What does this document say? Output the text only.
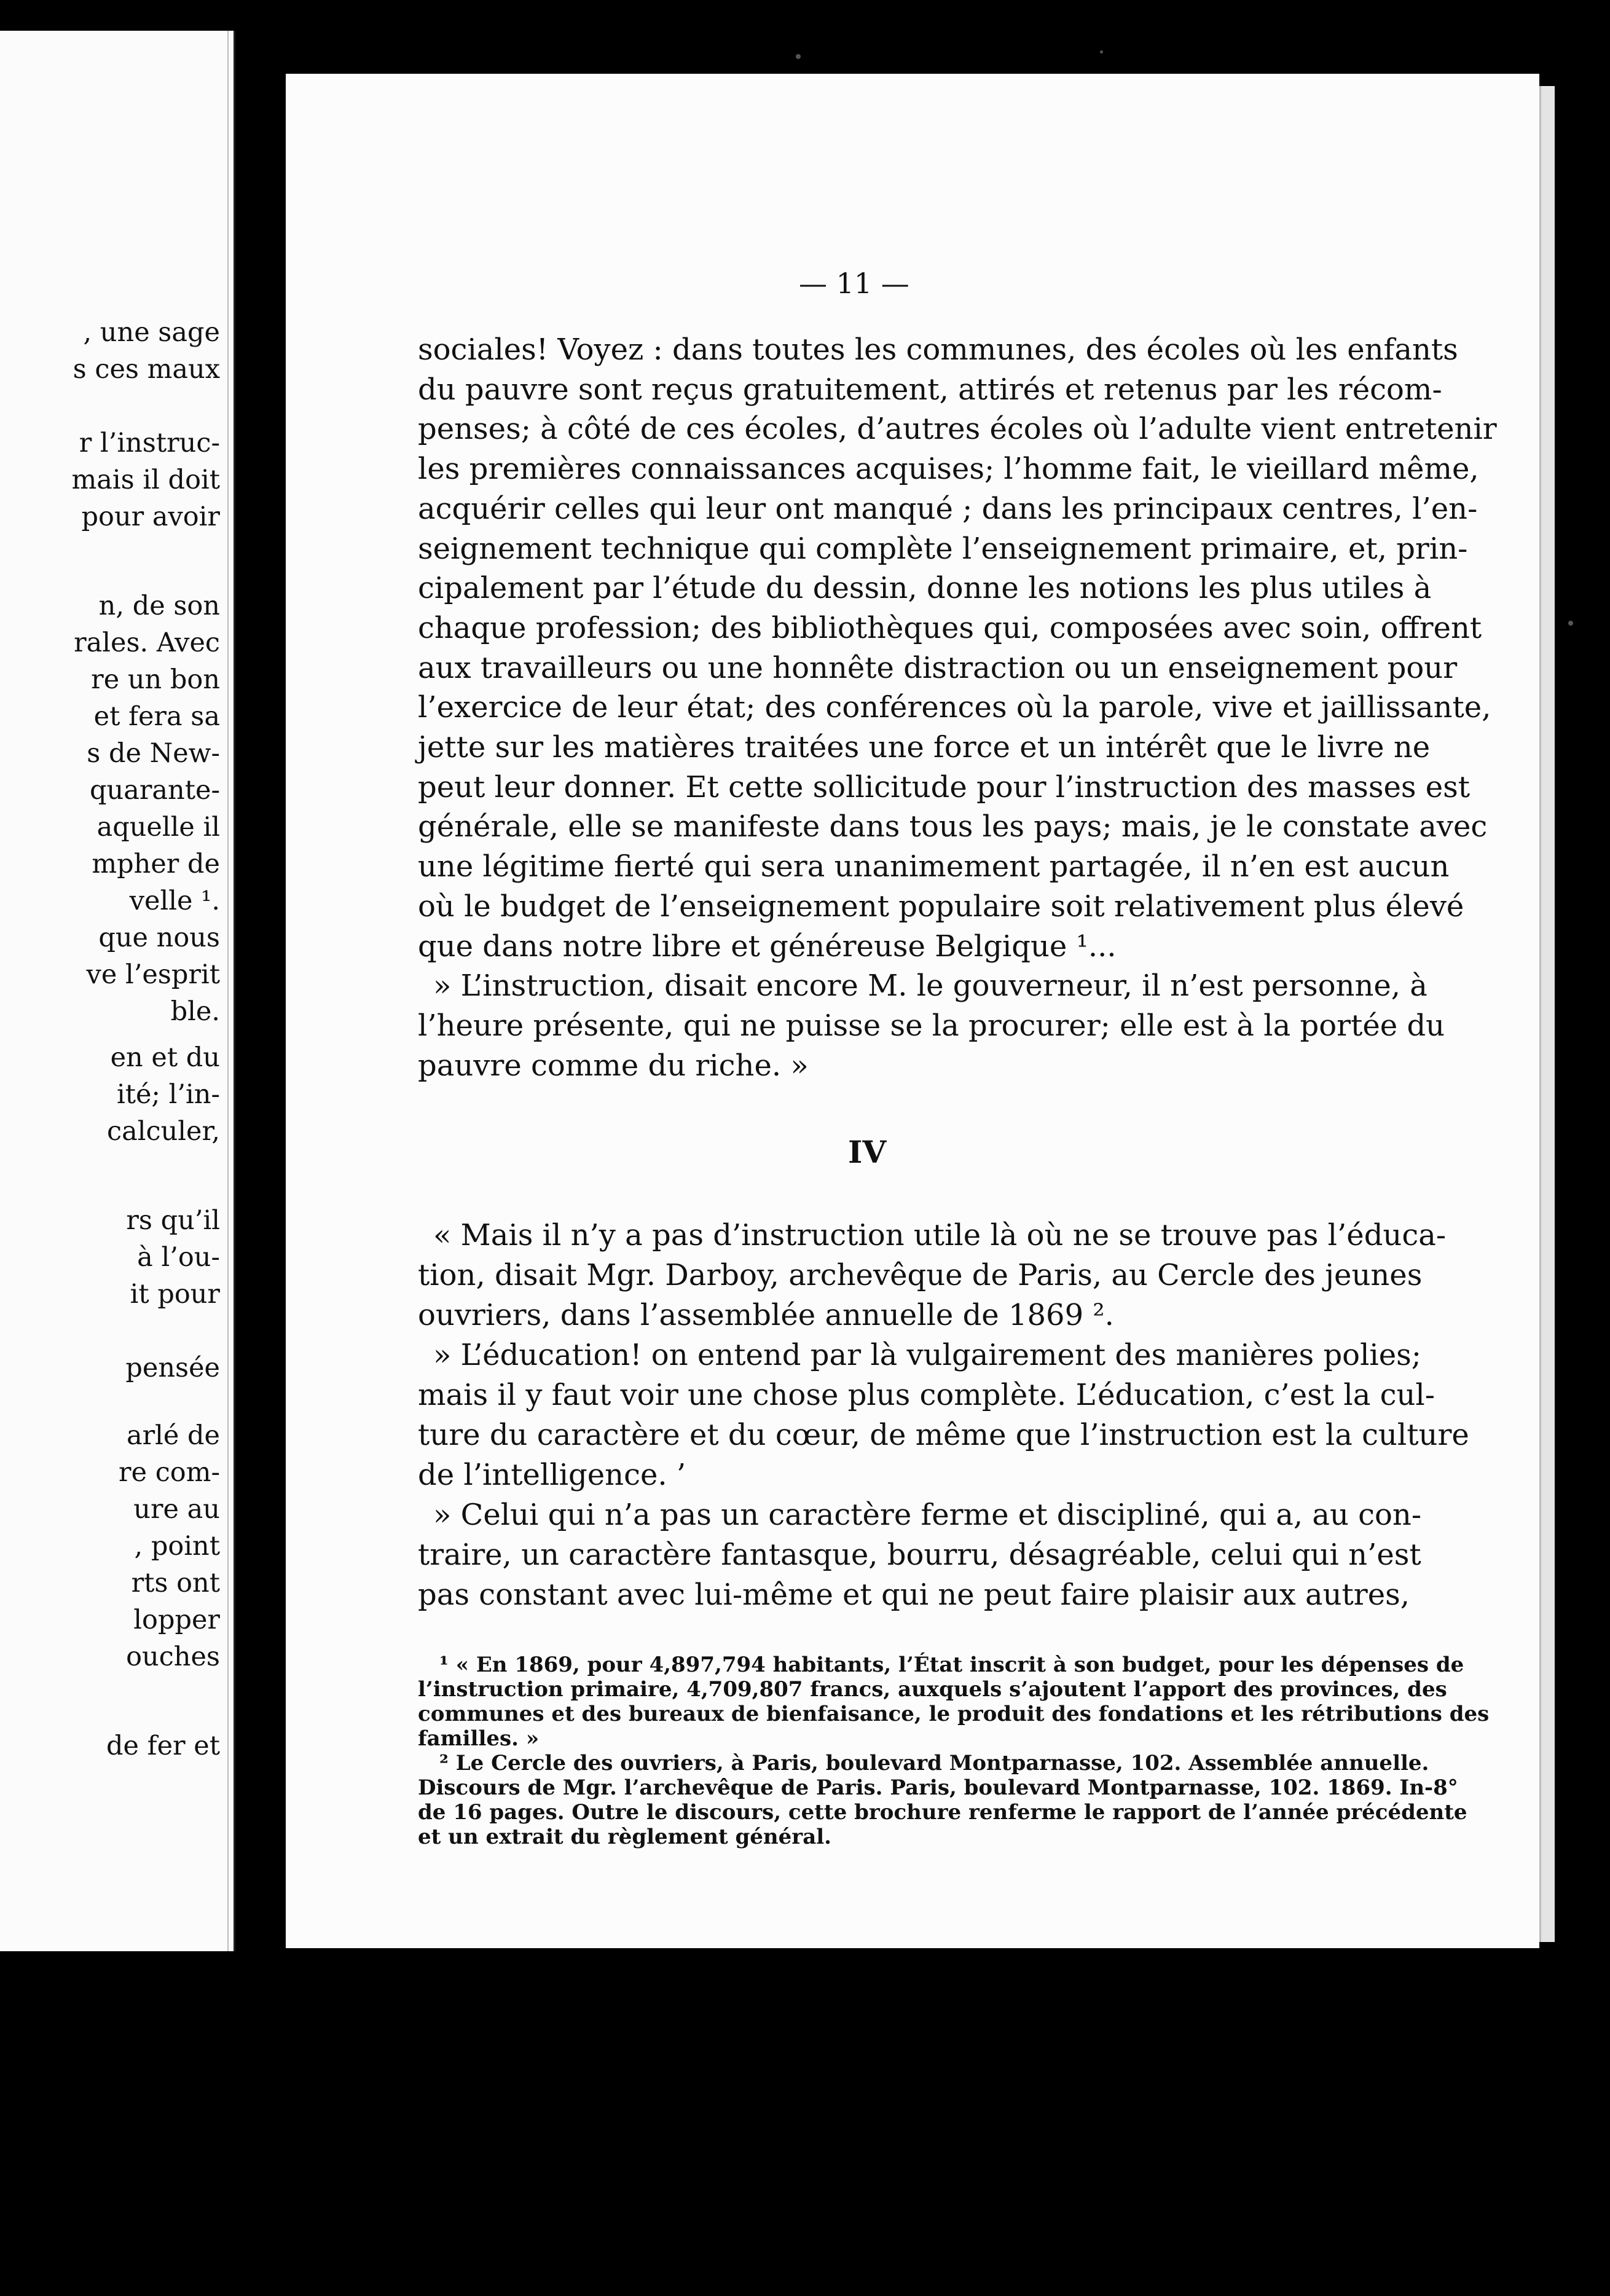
, une sage
s ces maux
r l’instruc-
mais il doit
pour avoir
n, de son
rales. Avec
re un bon
et fera sa
s de New-
quarante-
aquelle il
mpher de
velle ¹.
que nous
ve l’esprit
ble.
en et du
ité; l’in-
calculer,
rs qu’il
à l’ou-
it pour
pensée
arlé de
re com-
ure au
, point
rts ont
lopper
ouches
de fer et
— 11 —
sociales! Voyez : dans toutes les communes, des écoles où les enfants
du pauvre sont reçus gratuitement, attirés et retenus par les récom-
penses; à côté de ces écoles, d’autres écoles où l’adulte vient entretenir
les premières connaissances acquises; l’homme fait, le vieillard même,
acquérir celles qui leur ont manqué ; dans les principaux centres, l’en-
seignement technique qui complète l’enseignement primaire, et, prin-
cipalement par l’étude du dessin, donne les notions les plus utiles à
chaque profession; des bibliothèques qui, composées avec soin, offrent
aux travailleurs ou une honnête distraction ou un enseignement pour
l’exercice de leur état; des conférences où la parole, vive et jaillissante,
jette sur les matières traitées une force et un intérêt que le livre ne
peut leur donner. Et cette sollicitude pour l’instruction des masses est
générale, elle se manifeste dans tous les pays; mais, je le constate avec
une légitime fierté qui sera unanimement partagée, il n’en est aucun
où le budget de l’enseignement populaire soit relativement plus élevé
que dans notre libre et généreuse Belgique ¹...
» L’instruction, disait encore M. le gouverneur, il n’est personne, à
l’heure présente, qui ne puisse se la procurer; elle est à la portée du
pauvre comme du riche. »
IV
« Mais il n’y a pas d’instruction utile là où ne se trouve pas l’éduca-
tion, disait Mgr. Darboy, archevêque de Paris, au Cercle des jeunes
ouvriers, dans l’assemblée annuelle de 1869 ².
» L’éducation! on entend par là vulgairement des manières polies;
mais il y faut voir une chose plus complète. L’éducation, c’est la cul-
ture du caractère et du cœur, de même que l’instruction est la culture
de l’intelligence. ’
» Celui qui n’a pas un caractère ferme et discipliné, qui a, au con-
traire, un caractère fantasque, bourru, désagréable, celui qui n’est
pas constant avec lui-même et qui ne peut faire plaisir aux autres,
¹ « En 1869, pour 4,897,794 habitants, l’État inscrit à son budget, pour les dépenses de
l’instruction primaire, 4,709,807 francs, auxquels s’ajoutent l’apport des provinces, des
communes et des bureaux de bienfaisance, le produit des fondations et les rétributions des
familles. »
² Le Cercle des ouvriers, à Paris, boulevard Montparnasse, 102. Assemblée annuelle.
Discours de Mgr. l’archevêque de Paris. Paris, boulevard Montparnasse, 102. 1869. In-8°
de 16 pages. Outre le discours, cette brochure renferme le rapport de l’année précédente
et un extrait du règlement général.
